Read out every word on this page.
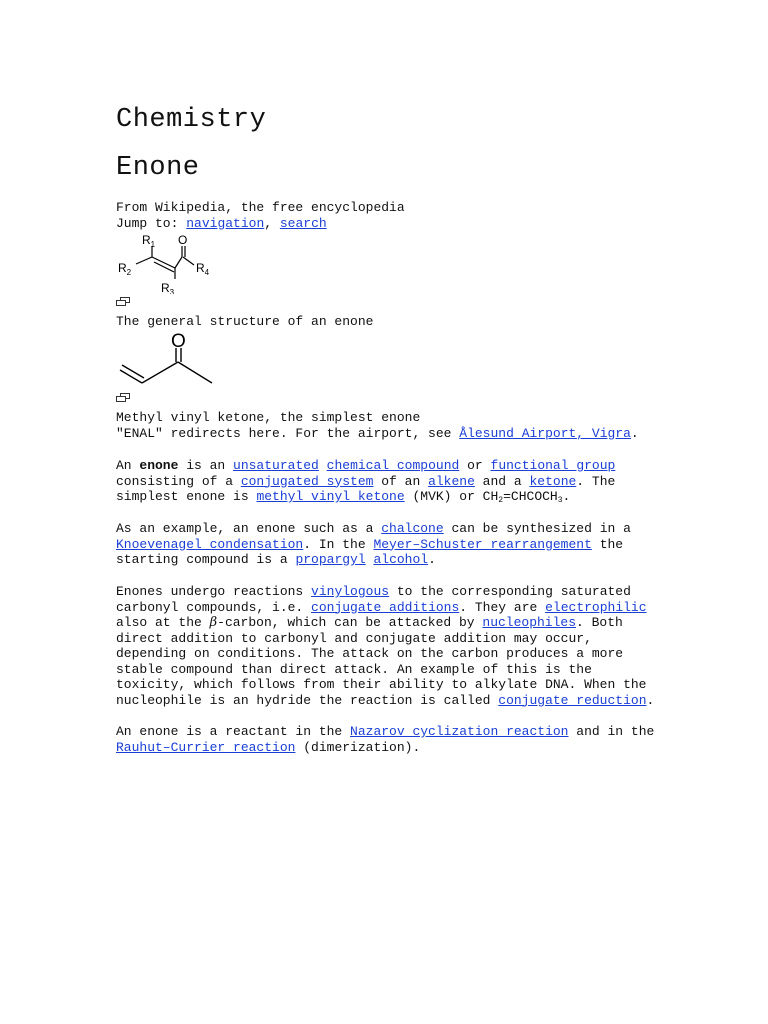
Chemistry
Enone
From Wikipedia, the free encyclopedia
Jump to: navigation, search
$R_1$
$R_2$
$R_3$
$R_4$
O
The general structure of an enone
O
Methyl vinyl ketone, the simplest enone
"ENAL" redirects here. For the airport, see Ålesund Airport, Vigra.
An enone is an unsaturated chemical compound or functional group
consisting of a conjugated system of an alkene and a ketone. The
simplest enone is methyl vinyl ketone (MVK) or $CH_2=CHCOCH_3$.
As an example, an enone such as a chalcone can be synthesized in a
Knoevenagel condensation. In the Meyer–Schuster rearrangement the
starting compound is a propargyl alcohol.
Enones undergo reactions vinylogous to the corresponding saturated
carbonyl compounds, i.e. conjugate additions. They are electrophilic
also at the β-carbon, which can be attacked by nucleophiles. Both
direct addition to carbonyl and conjugate addition may occur,
depending on conditions. The attack on the carbon produces a more
stable compound than direct attack. An example of this is the
toxicity, which follows from their ability to alkylate DNA. When the
nucleophile is an hydride the reaction is called conjugate reduction.
An enone is a reactant in the Nazarov cyclization reaction and in the
Rauhut–Currier reaction (dimerization).
